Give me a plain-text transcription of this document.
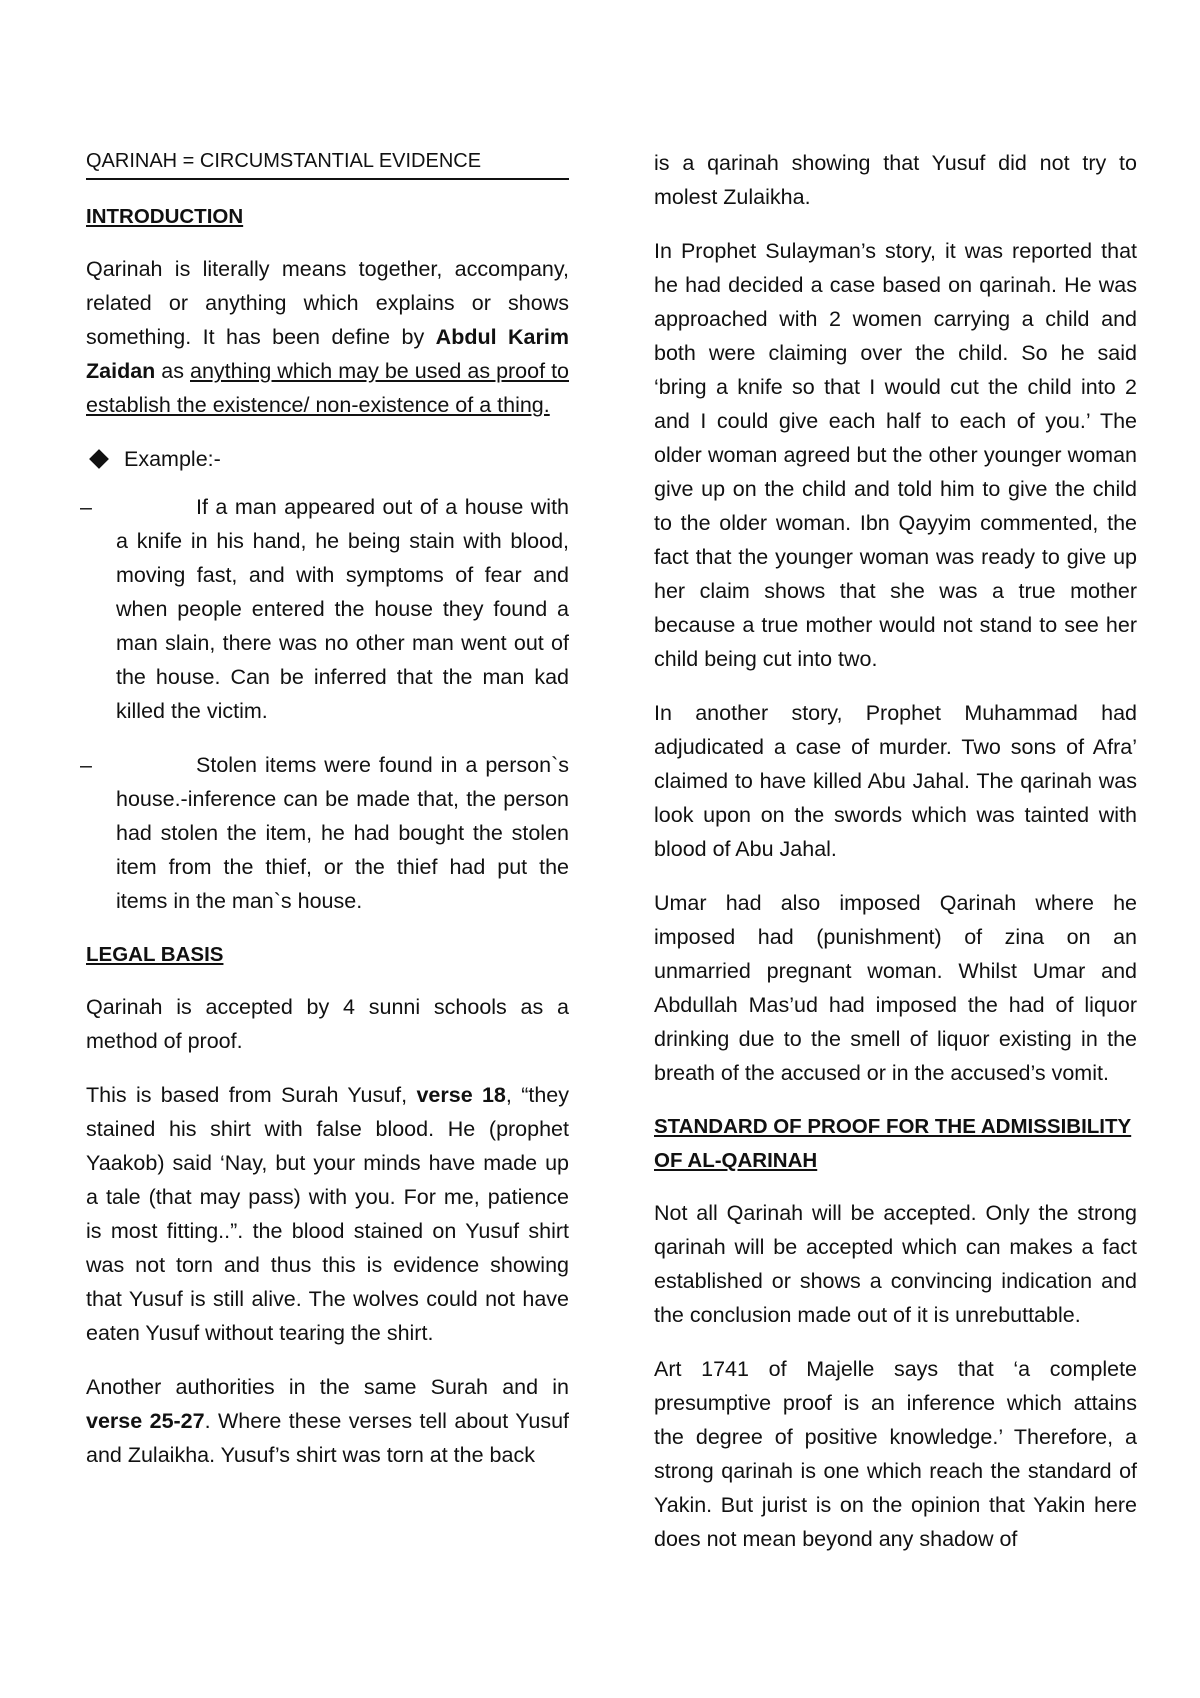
QARINAH = CIRCUMSTANTIAL EVIDENCE
INTRODUCTION

Qarinah is literally means together, accompany, related or anything which explains or shows something. It has been define by Abdul Karim Zaidan as anything which may be used as proof to establish the existence/ non-existence of a thing.

Example:-
–	If a man appeared out of a house with a knife in his hand, he being stain with blood, moving fast, and with symptoms of fear and when people entered the house they found a man slain, there was no other man went out of the house. Can be inferred that the man kad killed the victim.
–	Stolen items were found in a person`s house.-inference can be made that, the person had stolen the item, he had bought the stolen item from the thief, or the thief had put the items in the man`s house.
LEGAL BASIS

Qarinah is accepted by 4 sunni schools as a method of proof.

This is based from Surah Yusuf, verse 18, “they stained his shirt with false blood. He (prophet Yaakob) said ‘Nay, but your minds have made up a tale (that may pass) with you. For me, patience is most fitting..”. the blood stained on Yusuf shirt was not torn and thus this is evidence showing that Yusuf is still alive. The wolves could not have eaten Yusuf without tearing the shirt.

Another authorities in the same Surah and in verse 25-27. Where these verses tell about Yusuf and Zulaikha. Yusuf’s shirt was torn at the back

is a qarinah showing that Yusuf did not try to molest Zulaikha.

In Prophet Sulayman’s story, it was reported that he had decided a case based on qarinah. He was approached with 2 women carrying a child and both were claiming over the child. So he said ‘bring a knife so that I would cut the child into 2 and I could give each half to each of you.’ The older woman agreed but the other younger woman give up on the child and told him to give the child to the older woman. Ibn Qayyim commented, the fact that the younger woman was ready to give up her claim shows that she was a true mother because a true mother would not stand to see her child being cut into two.

In another story, Prophet Muhammad had adjudicated a case of murder. Two sons of Afra’ claimed to have killed Abu Jahal. The qarinah was look upon on the swords which was tainted with blood of Abu Jahal.

Umar had also imposed Qarinah where he imposed had (punishment) of zina on an unmarried pregnant woman. Whilst Umar and Abdullah Mas’ud had imposed the had of liquor drinking due to the smell of liquor existing in the breath of the accused or in the accused’s vomit.

STANDARD OF PROOF FOR THE ADMISSIBILITY OF AL-QARINAH

Not all Qarinah will be accepted. Only the strong qarinah will be accepted which can makes a fact established or shows a convincing indication and the conclusion made out of it is unrebuttable.

Art 1741 of Majelle says that ‘a complete presumptive proof is an inference which attains the degree of positive knowledge.’ Therefore, a strong qarinah is one which reach the standard of Yakin. But jurist is on the opinion that Yakin here does not mean beyond any shadow of
